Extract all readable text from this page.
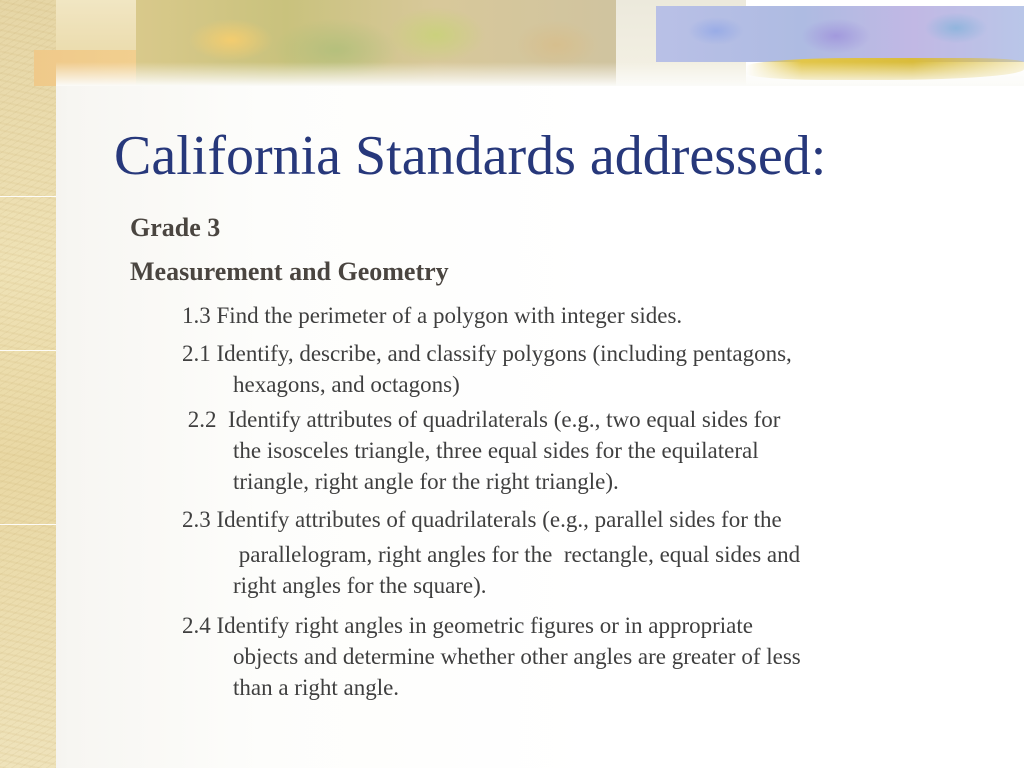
California Standards addressed:
Grade 3
Measurement and Geometry
1.3 Find the perimeter of a polygon with integer sides.
2.1 Identify, describe, and classify polygons (including pentagons,
hexagons, and octagons)
2.2  Identify attributes of quadrilaterals (e.g., two equal sides for
the isosceles triangle, three equal sides for the equilateral
triangle, right angle for the right triangle).
2.3 Identify attributes of quadrilaterals (e.g., parallel sides for the
parallelogram, right angles for the  rectangle, equal sides and
right angles for the square).
2.4 Identify right angles in geometric figures or in appropriate
objects and determine whether other angles are greater of less
than a right angle.
